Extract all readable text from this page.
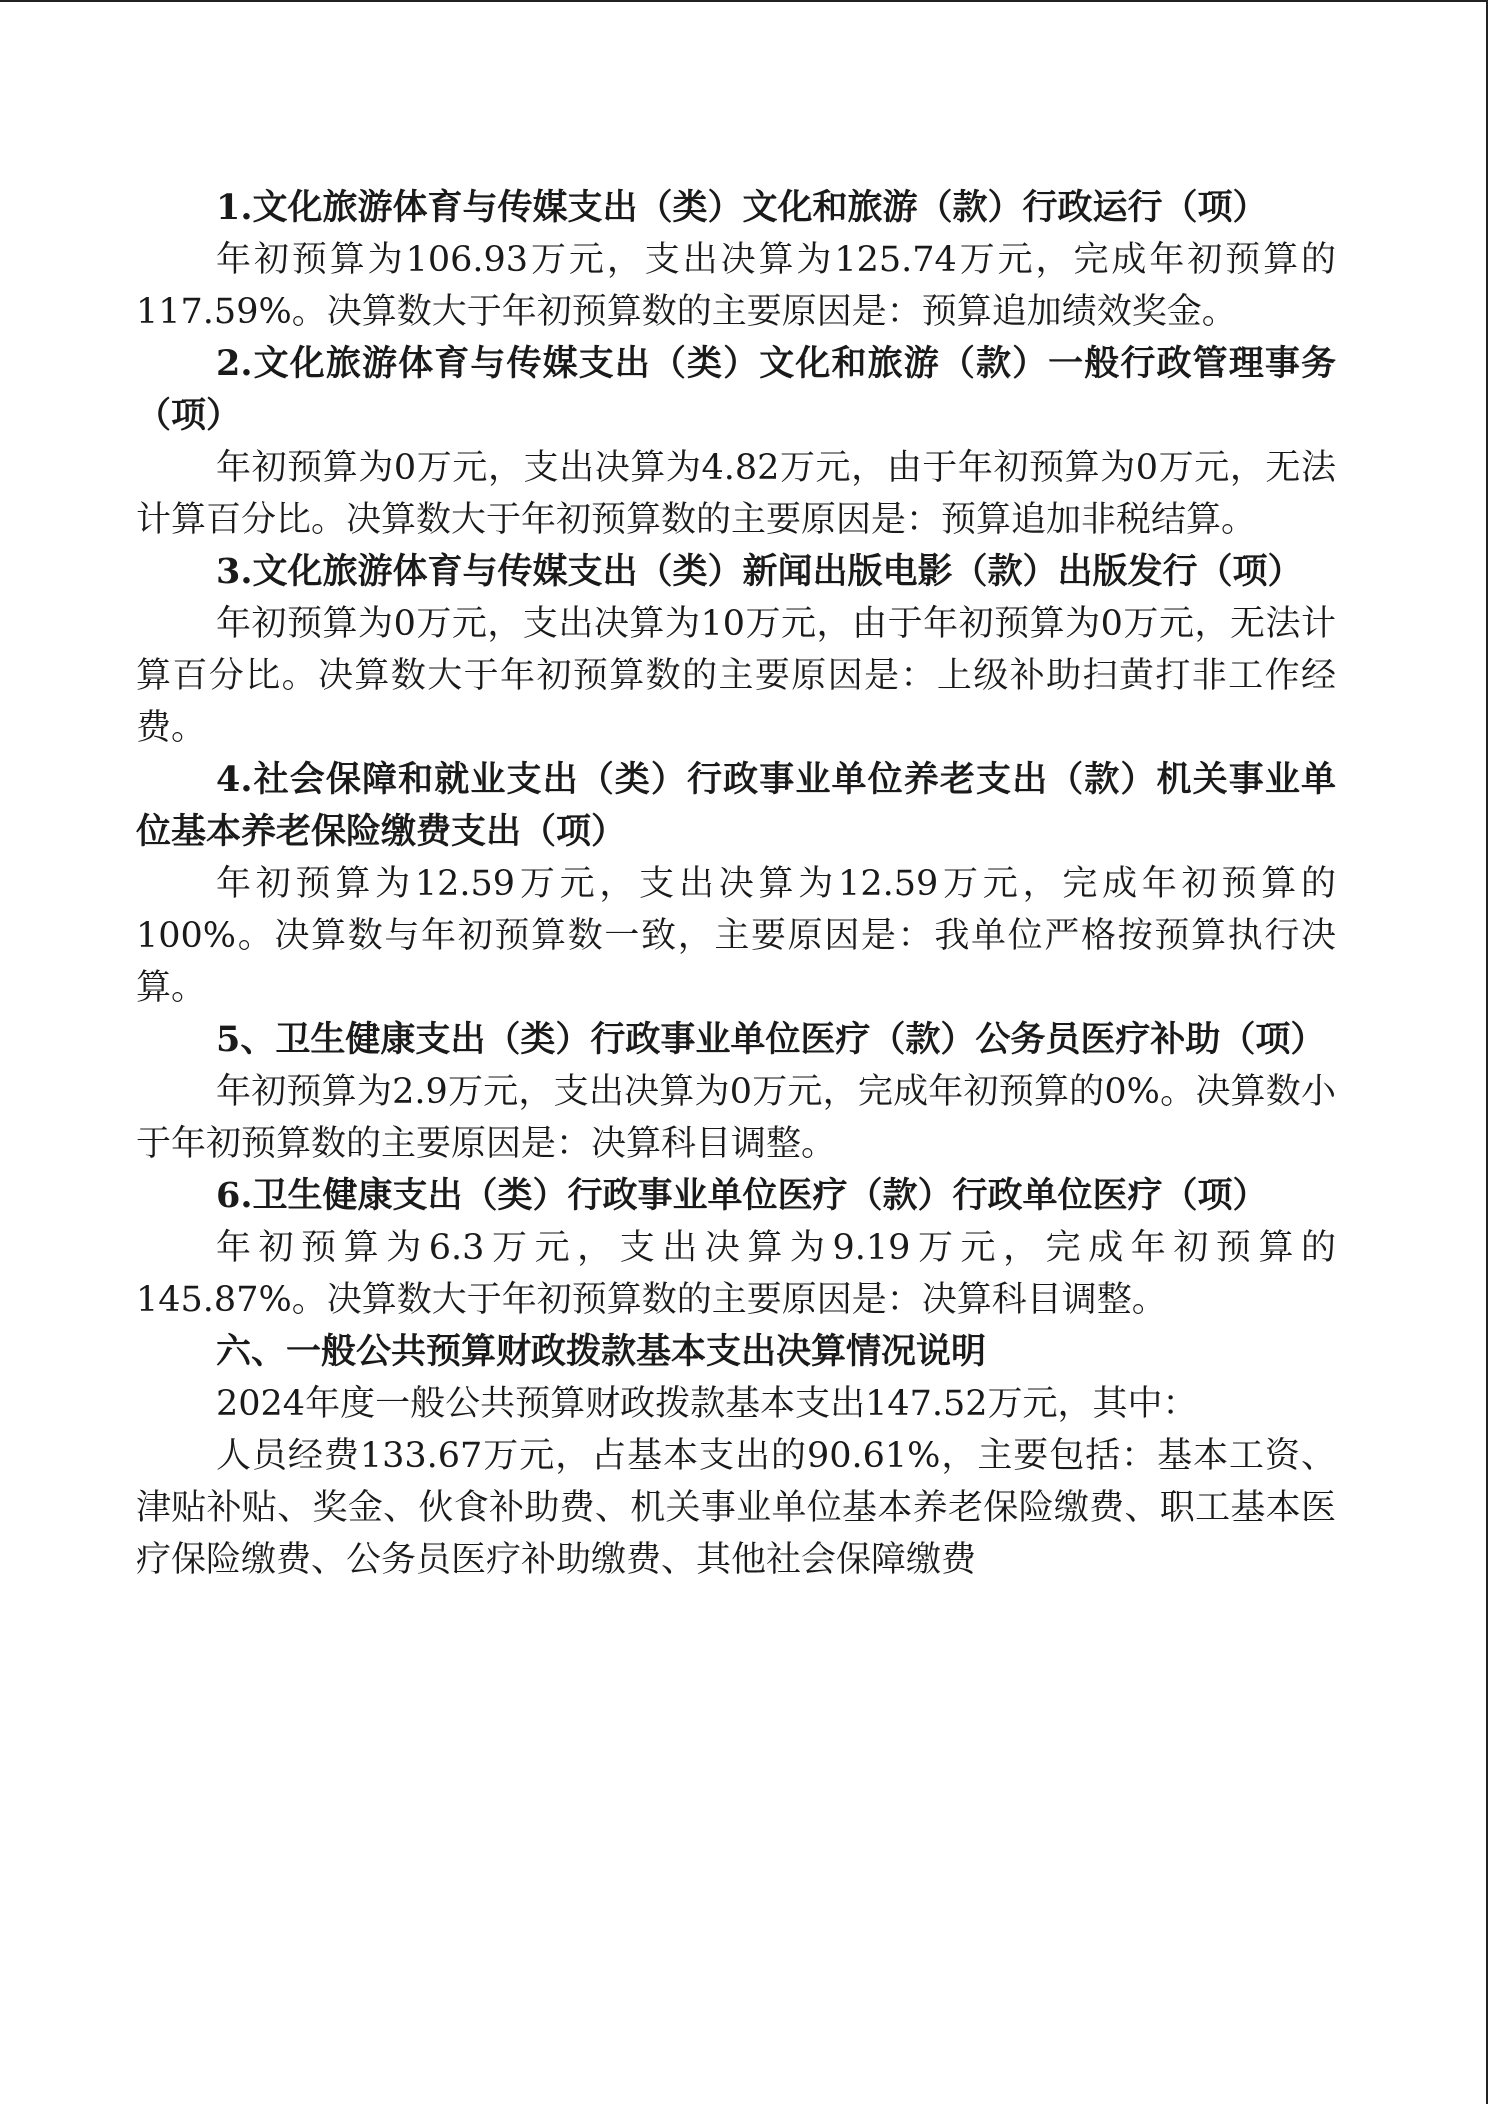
1.文化旅游体育与传媒支出（类）文化和旅游（款）行政运行（项）

年初预算为106.93万元，支出决算为125.74万元，完成年初预算的117.59%。决算数大于年初预算数的主要原因是：预算追加绩效奖金。

2.文化旅游体育与传媒支出（类）文化和旅游（款）一般行政管理事务（项）

年初预算为0万元，支出决算为4.82万元，由于年初预算为0万元，无法计算百分比。决算数大于年初预算数的主要原因是：预算追加非税结算。

3.文化旅游体育与传媒支出（类）新闻出版电影（款）出版发行（项）

年初预算为0万元，支出决算为10万元，由于年初预算为0万元，无法计算百分比。决算数大于年初预算数的主要原因是：上级补助扫黄打非工作经费。

4.社会保障和就业支出（类）行政事业单位养老支出（款）机关事业单位基本养老保险缴费支出（项）

年初预算为12.59万元，支出决算为12.59万元，完成年初预算的100%。决算数与年初预算数一致，主要原因是：我单位严格按预算执行决算。

5、卫生健康支出（类）行政事业单位医疗（款）公务员医疗补助（项）

年初预算为2.9万元，支出决算为0万元，完成年初预算的0%。决算数小于年初预算数的主要原因是：决算科目调整。

6.卫生健康支出（类）行政事业单位医疗（款）行政单位医疗（项）

年初预算为6.3万元，支出决算为9.19万元，完成年初预算的145.87%。决算数大于年初预算数的主要原因是：决算科目调整。

六、一般公共预算财政拨款基本支出决算情况说明

2024年度一般公共预算财政拨款基本支出147.52万元，其中：

人员经费133.67万元，占基本支出的90.61%，主要包括：基本工资、津贴补贴、奖金、伙食补助费、机关事业单位基本养老保险缴费、职工基本医疗保险缴费、公务员医疗补助缴费、其他社会保障缴费
